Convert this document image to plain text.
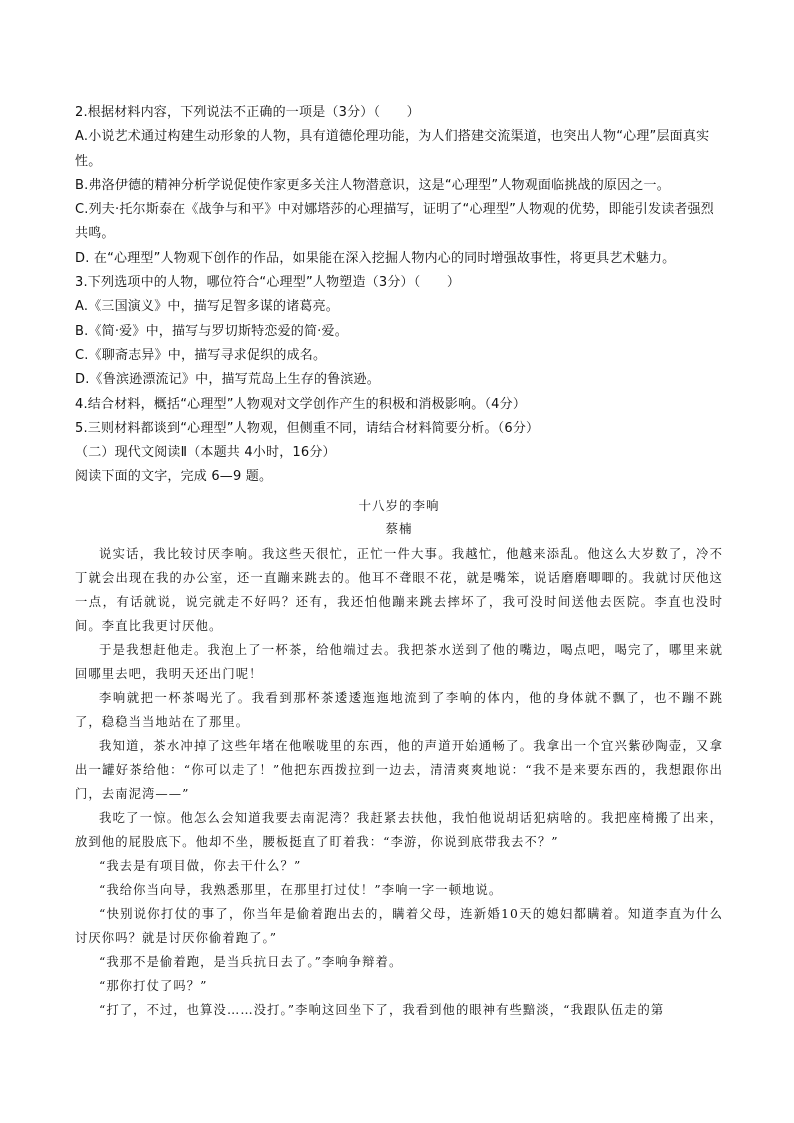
2.根据材料内容，下列说法不正确的一项是（3分）（　　）

A.小说艺术通过构建生动形象的人物，具有道德伦理功能，为人们搭建交流渠道，也突出人物“心理”层面真实性。

B.弗洛伊德的精神分析学说促使作家更多关注人物潜意识，这是“心理型”人物观面临挑战的原因之一。

C.列夫·托尔斯泰在《战争与和平》中对娜塔莎的心理描写，证明了“心理型”人物观的优势，即能引发读者强烈共鸣。

D. 在“心理型”人物观下创作的作品，如果能在深入挖掘人物内心的同时增强故事性，将更具艺术魅力。

3.下列选项中的人物，哪位符合“心理型”人物塑造（3分）（　　）

A.《三国演义》中，描写足智多谋的诸葛亮。

B.《简·爱》中，描写与罗切斯特恋爱的简·爱。

C.《聊斋志异》中，描写寻求促织的成名。

D.《鲁滨逊漂流记》中，描写荒岛上生存的鲁滨逊。

4.结合材料，概括“心理型”人物观对文学创作产生的积极和消极影响。（4分）

5.三则材料都谈到“心理型”人物观，但侧重不同，请结合材料简要分析。（6分）

（二）现代文阅读Ⅱ（本题共 4小时，16分）

阅读下面的文字，完成 6—9 题。

十八岁的李响

蔡楠

说实话，我比较讨厌李响。我这些天很忙，正忙一件大事。我越忙，他越来添乱。他这么大岁数了，冷不丁就会出现在我的办公室，还一直蹦来跳去的。他耳不聋眼不花，就是嘴笨，说话磨磨唧唧的。我就讨厌他这一点，有话就说，说完就走不好吗？还有，我还怕他蹦来跳去摔坏了，我可没时间送他去医院。李直也没时间。李直比我更讨厌他。

于是我想赶他走。我泡上了一杯茶，给他端过去。我把茶水送到了他的嘴边，喝点吧，喝完了，哪里来就回哪里去吧，我明天还出门呢！

李响就把一杯茶喝光了。我看到那杯茶逶逶迤迤地流到了李响的体内，他的身体就不飘了，也不蹦不跳了，稳稳当当地站在了那里。

我知道，茶水冲掉了这些年堵在他喉咙里的东西，他的声道开始通畅了。我拿出一个宜兴紫砂陶壶，又拿出一罐好茶给他：“你可以走了！”他把东西拨拉到一边去，清清爽爽地说：“我不是来要东西的，我想跟你出门，去南泥湾——”

我吃了一惊。他怎么会知道我要去南泥湾？我赶紧去扶他，我怕他说胡话犯病啥的。我把座椅搬了出来，放到他的屁股底下。他却不坐，腰板挺直了盯着我：“李游，你说到底带我去不？”

“我去是有项目做，你去干什么？”

“我给你当向导，我熟悉那里，在那里打过仗！”李响一字一顿地说。

“快别说你打仗的事了，你当年是偷着跑出去的，瞒着父母，连新婚10天的媳妇都瞒着。知道李直为什么讨厌你吗？就是讨厌你偷着跑了。”

“我那不是偷着跑，是当兵抗日去了。”李响争辩着。

“那你打仗了吗？”

“打了，不过，也算没……没打。”李响这回坐下了，我看到他的眼神有些黯淡，“我跟队伍走的第
